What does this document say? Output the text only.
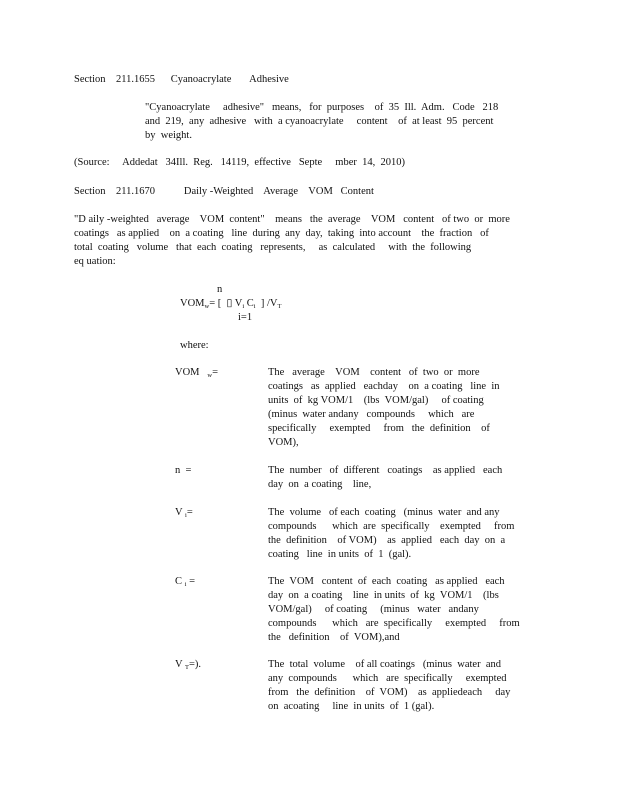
Section    211.1655      Cyanoacrylate       Adhesive
"Cyanoacrylate     adhesive"   means,   for  purposes    of  35  Ill.  Adm.   Code   218
and  219,  any  adhesive   with  a cyanoacrylate     content    of  at least  95  percent
by  weight.
(Source:     Addedat   34Ill.  Reg.   14119,  effective   Septe     mber  14,  2010)
Section    211.1670           Daily -Weighted    Average    VOM   Content
"D aily -weighted   average    VOM  content"    means   the  average    VOM   content   of two  or  more
coatings   as applied    on  a coating   line  during  any  day,  taking  into account    the  fraction   of
total  coating   volume   that  each  coating   represents,     as  calculated     with  the  following
eq uation:
n
$VOM_w=$ [  ▯ $V_i$ $C_i$  ] $/V_T$
i=1
where:
VOM $_w$=	The   average    VOM    content   of  two  or  more
coatings   as  applied   eachday    on  a coating   line  in
units  of  kg VOM/1    (lbs  VOM/gal)     of coating
(minus  water andany   compounds     which   are
specifically     exempted     from   the  definition    of
VOM),
n  =	The  number   of  different   coatings    as applied   each
day  on  a coating    line,
V $_i$=	The  volume   of each  coating   (minus  water  and any
compounds      which  are  specifically    exempted     from
the  definition    of VOM)    as  applied   each  day  on  a
coating   line  in units  of  1  (gal).
C $_i$ =	The  VOM   content  of  each  coating   as applied   each
day  on  a coating    line  in units  of  kg  VOM/1    (lbs
VOM/gal)     of coating     (minus   water   andany
compounds      which   are  specifically     exempted     from
the   definition    of  VOM),and
V $_T$=).	The  total  volume    of all coatings   (minus  water  and
any  compounds      which   are  specifically     exempted
from   the  definition    of  VOM)    as  appliedeach     day
on  acoating     line  in units  of  1 (gal).
